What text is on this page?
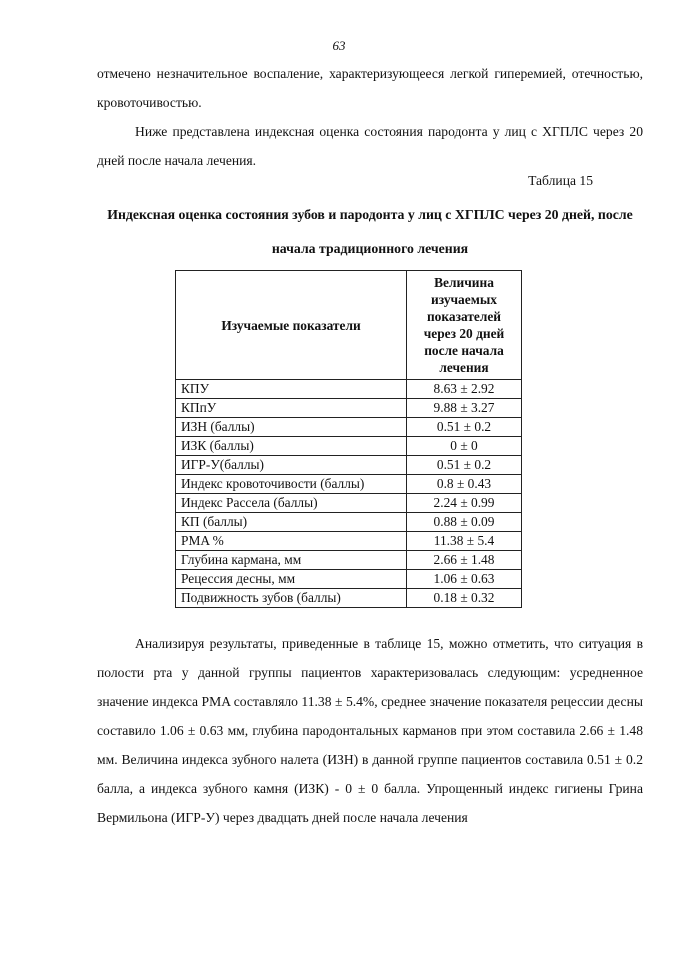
63
отмечено незначительное воспаление, характеризующееся легкой гиперемией, отечностью, кровоточивостью.
Ниже представлена индексная оценка состояния пародонта у лиц с ХГПЛС через 20 дней после начала лечения.
Таблица 15
Индексная оценка состояния зубов и пародонта у лиц с ХГПЛС через 20 дней, после начала традиционного лечения
Изучаемые показатели	Величина изучаемых показателей через 20 дней после начала лечения
КПУ	8.63 ± 2.92
КПпУ	9.88 ± 3.27
ИЗН (баллы)	0.51 ± 0.2
ИЗК (баллы)	0 ± 0
ИГР-У(баллы)	0.51 ± 0.2
Индекс кровоточивости (баллы)	0.8 ± 0.43
Индекс Рассела (баллы)	2.24 ± 0.99
КП (баллы)	0.88 ± 0.09
PMA %	11.38 ± 5.4
Глубина кармана, мм	2.66 ± 1.48
Рецессия десны, мм	1.06 ± 0.63
Подвижность зубов (баллы)	0.18 ± 0.32
Анализируя результаты, приведенные в таблице 15, можно отметить, что ситуация в полости рта у данной группы пациентов характеризовалась следующим: усредненное значение индекса PMA составляло 11.38 ± 5.4%, среднее значение показателя рецессии десны составило 1.06 ± 0.63 мм, глубина пародонтальных карманов при этом составила 2.66 ± 1.48 мм. Величина индекса зубного налета (ИЗН) в данной группе пациентов составила 0.51 ± 0.2 балла, а индекса зубного камня (ИЗК) - 0 ± 0 балла. Упрощенный индекс гигиены Грина Вермильона (ИГР-У) через двадцать дней после начала лечения
